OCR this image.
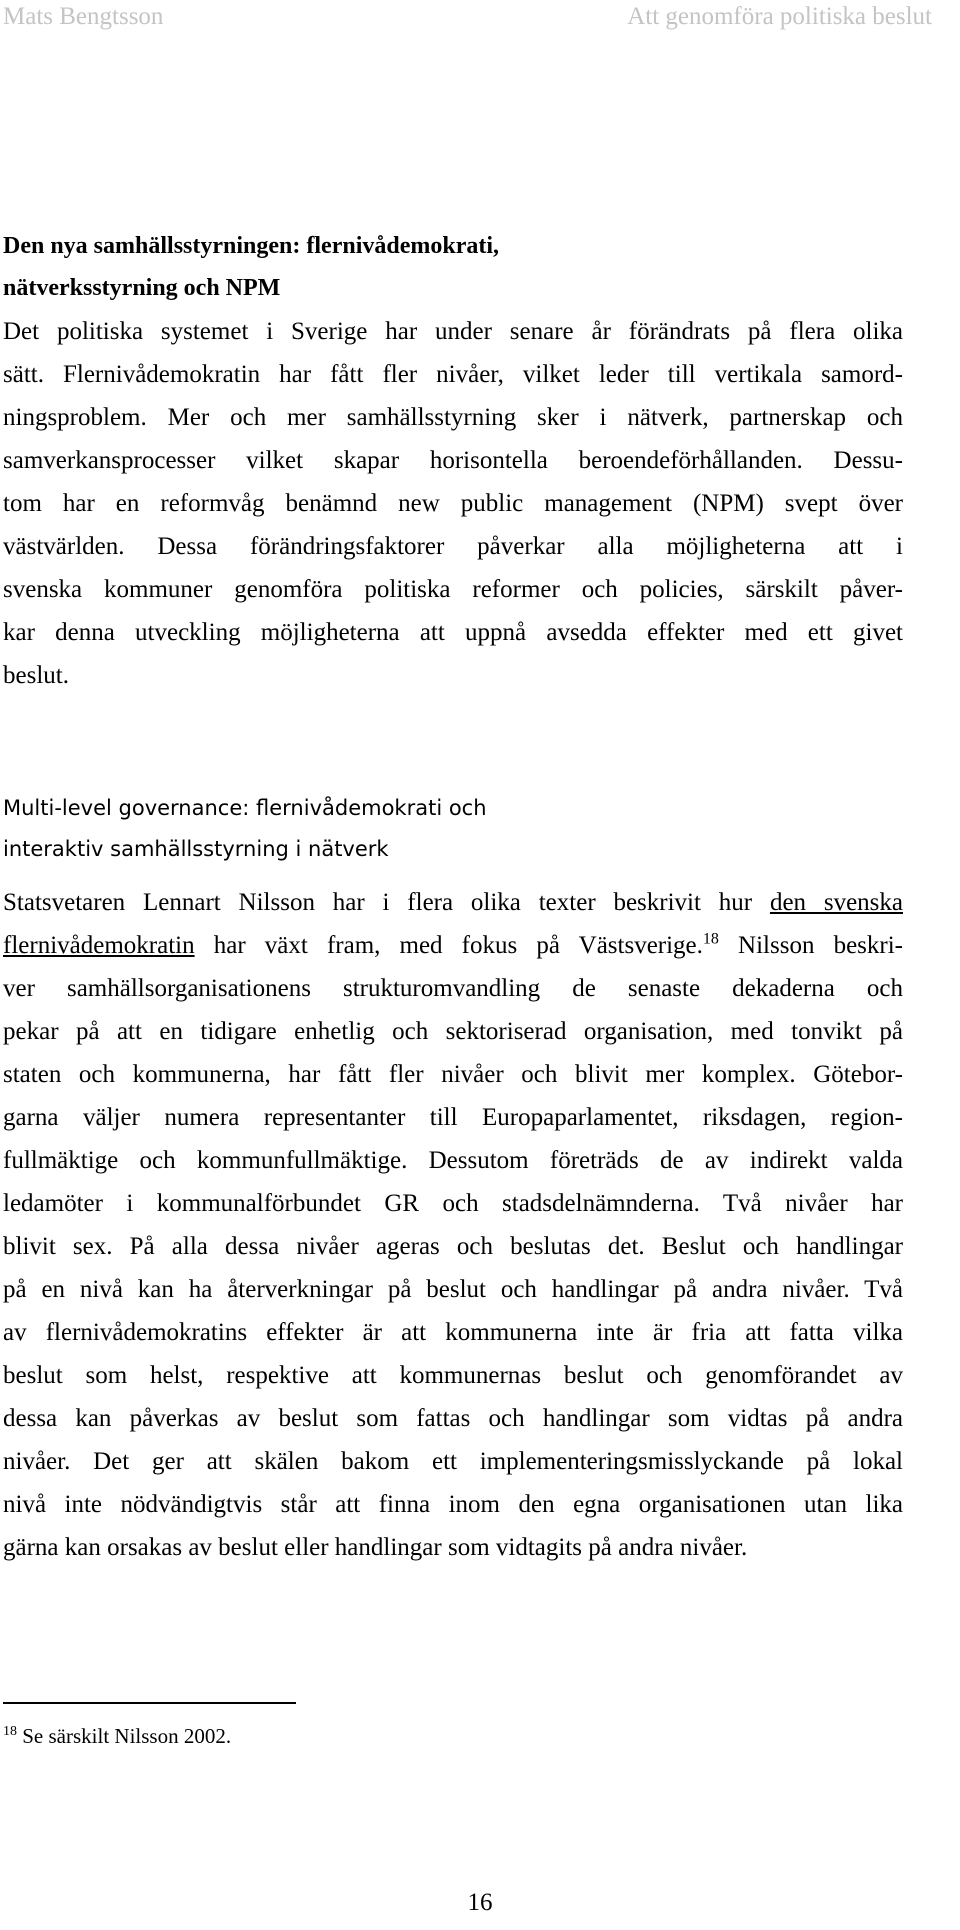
Mats Bengtsson	Att genomföra politiska beslut
Den nya samhällsstyrningen: flernivådemokrati,
nätverksstyrning och NPM
Det politiska systemet i Sverige har under senare år förändrats på flera olika
sätt. Flernivådemokratin har fått fler nivåer, vilket leder till vertikala samord-
ningsproblem. Mer och mer samhällsstyrning sker i nätverk, partnerskap och
samverkansprocesser vilket skapar horisontella beroendeförhållanden. Dessu-
tom har en reformvåg benämnd new public management (NPM) svept över
västvärlden. Dessa förändringsfaktorer påverkar alla möjligheterna att i
svenska kommuner genomföra politiska reformer och policies, särskilt påver-
kar denna utveckling möjligheterna att uppnå avsedda effekter med ett givet
beslut.
Multi-level governance: flernivådemokrati och
interaktiv samhällsstyrning i nätverk
Statsvetaren Lennart Nilsson har i flera olika texter beskrivit hur den svenska
flernivådemokratin har växt fram, med fokus på Västsverige.$^{18}$ Nilsson beskri-
ver samhällsorganisationens strukturomvandling de senaste dekaderna och
pekar på att en tidigare enhetlig och sektoriserad organisation, med tonvikt på
staten och kommunerna, har fått fler nivåer och blivit mer komplex. Götebor-
garna väljer numera representanter till Europaparlamentet, riksdagen, region-
fullmäktige och kommunfullmäktige. Dessutom företräds de av indirekt valda
ledamöter i kommunalförbundet GR och stadsdelnämnderna. Två nivåer har
blivit sex. På alla dessa nivåer ageras och beslutas det. Beslut och handlingar
på en nivå kan ha återverkningar på beslut och handlingar på andra nivåer. Två
av flernivådemokratins effekter är att kommunerna inte är fria att fatta vilka
beslut som helst, respektive att kommunernas beslut och genomförandet av
dessa kan påverkas av beslut som fattas och handlingar som vidtas på andra
nivåer. Det ger att skälen bakom ett implementeringsmisslyckande på lokal
nivå inte nödvändigtvis står att finna inom den egna organisationen utan lika
gärna kan orsakas av beslut eller handlingar som vidtagits på andra nivåer.
$^{18}$ Se särskilt Nilsson 2002.
16
